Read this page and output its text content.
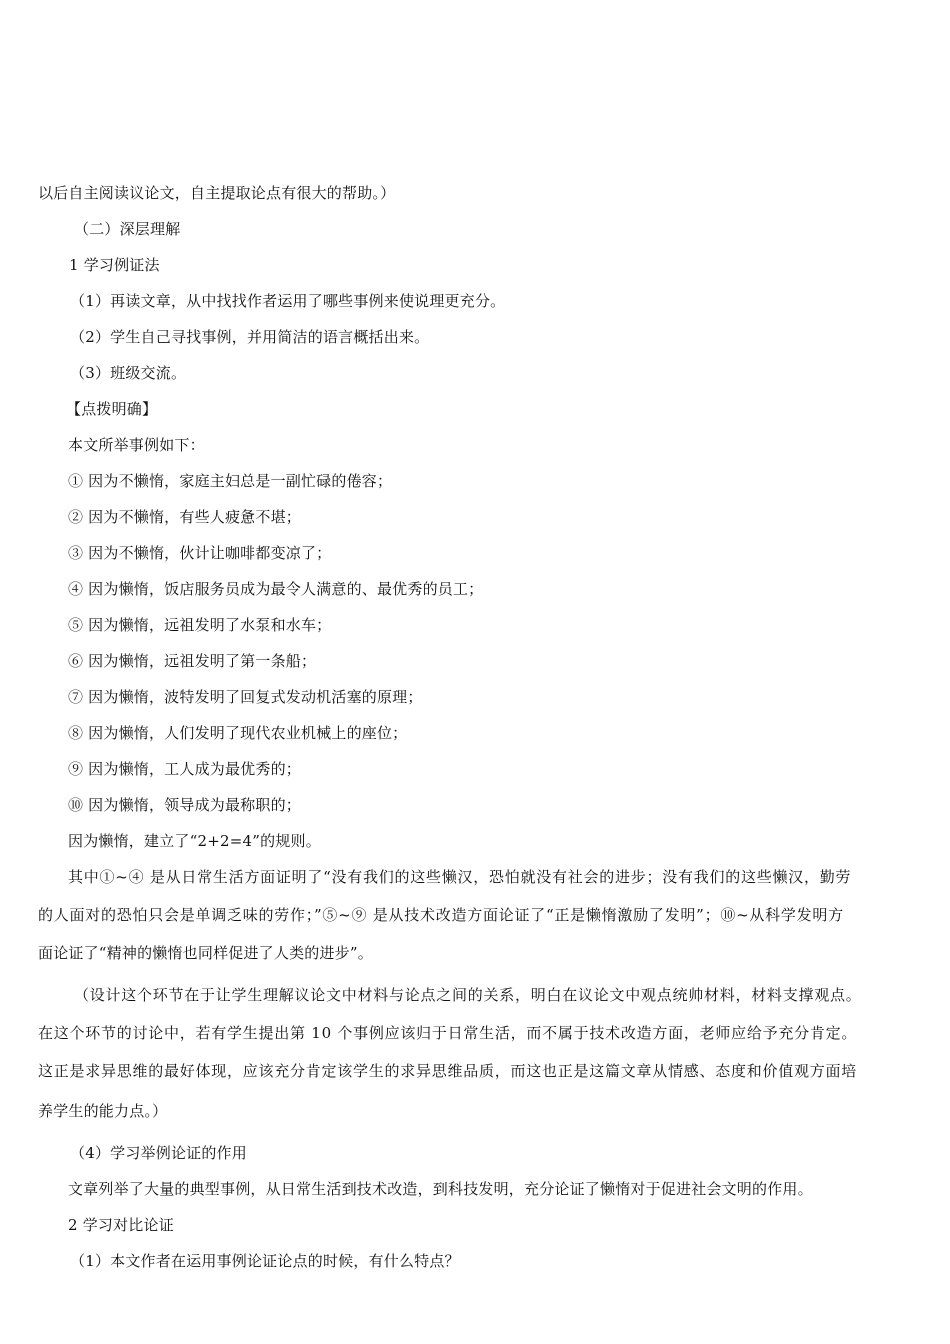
以后自主阅读议论文，自主提取论点有很大的帮助。）
（二）深层理解
1 学习例证法
（1）再读文章，从中找找作者运用了哪些事例来使说理更充分。
（2）学生自己寻找事例，并用简洁的语言概括出来。
（3）班级交流。
【点拨明确】
本文所举事例如下：
① 因为不懒惰，家庭主妇总是一副忙碌的倦容；
② 因为不懒惰，有些人疲惫不堪；
③ 因为不懒惰，伙计让咖啡都变凉了；
④ 因为懒惰，饭店服务员成为最令人满意的、最优秀的员工；
⑤ 因为懒惰，远祖发明了水泵和水车；
⑥ 因为懒惰，远祖发明了第一条船；
⑦ 因为懒惰，波特发明了回复式发动机活塞的原理；
⑧ 因为懒惰，人们发明了现代农业机械上的座位；
⑨ 因为懒惰，工人成为最优秀的；
⑩ 因为懒惰，领导成为最称职的；
因为懒惰，建立了“2+2=4”的规则。
其中①~④ 是从日常生活方面证明了“没有我们的这些懒汉，恐怕就没有社会的进步；没有我们的这些懒汉，勤劳
的人面对的恐怕只会是单调乏味的劳作；”⑤~⑨ 是从技术改造方面论证了“正是懒惰激励了发明”；⑩~从科学发明方
面论证了“精神的懒惰也同样促进了人类的进步”。
（设计这个环节在于让学生理解议论文中材料与论点之间的关系，明白在议论文中观点统帅材料，材料支撑观点。
在这个环节的讨论中，若有学生提出第 10 个事例应该归于日常生活，而不属于技术改造方面，老师应给予充分肯定。
这正是求异思维的最好体现，应该充分肯定该学生的求异思维品质，而这也正是这篇文章从情感、态度和价值观方面培
养学生的能力点。）
（4）学习举例论证的作用
文章列举了大量的典型事例，从日常生活到技术改造，到科技发明，充分论证了懒惰对于促进社会文明的作用。
2 学习对比论证
（1）本文作者在运用事例论证论点的时候，有什么特点？
